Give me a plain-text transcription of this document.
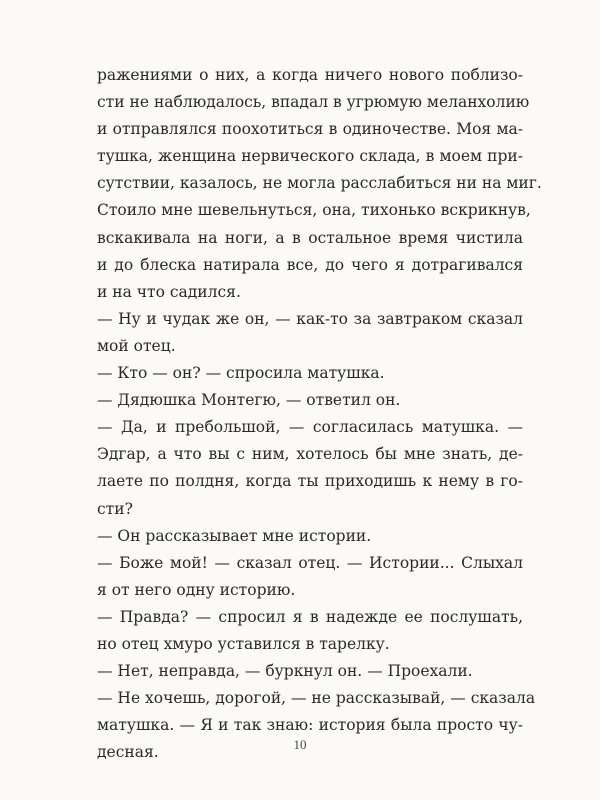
ражениями о них, а когда ничего нового поблизо-
сти не наблюдалось, впадал в угрюмую меланхолию
и отправлялся поохотиться в одиночестве. Моя ма-
тушка, женщина нервического склада, в моем при-
сутствии, казалось, не могла расслабиться ни на миг.
Стоило мне шевельнуться, она, тихонько вскрикнув,
вскакивала на ноги, а в остальное время чистила
и до блеска натирала все, до чего я дотрагивался
и на что садился.
— Ну и чудак же он, — как-то за завтраком сказал
мой отец.
— Кто — он? — спросила матушка.
— Дядюшка Монтегю, — ответил он.
— Да, и пребольшой, — согласилась матушка. —
Эдгар, а что вы с ним, хотелось бы мне знать, де-
лаете по полдня, когда ты приходишь к нему в го-
сти?
— Он рассказывает мне истории.
— Боже мой! — сказал отец. — Истории... Слыхал
я от него одну историю.
— Правда? — спросил я в надежде ее послушать,
но отец хмуро уставился в тарелку.
— Нет, неправда, — буркнул он. — Проехали.
— Не хочешь, дорогой, — не рассказывай, — сказала
матушка. — Я и так знаю: история была просто чу-
десная.	10
